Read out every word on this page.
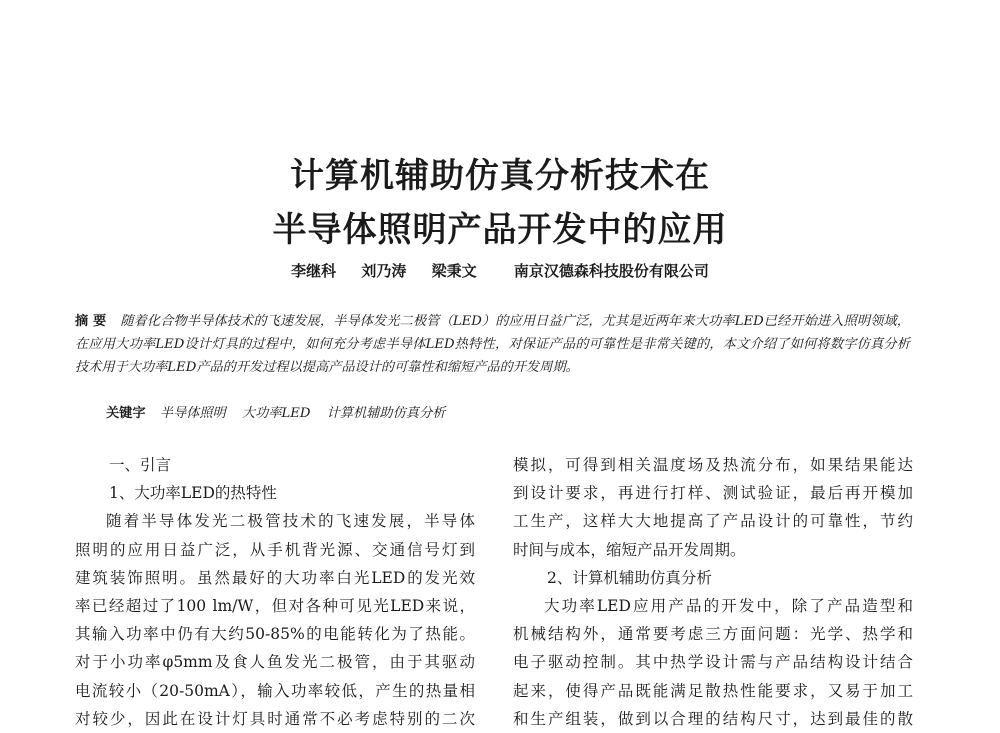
计算机辅助仿真分析技术在
半导体照明产品开发中的应用
李继科 刘乃涛 梁秉文 南京汉德森科技股份有限公司
摘 要 随着化合物半导体技术的飞速发展，半导体发光二极管（LED）的应用日益广泛，尤其是近两年来大功率LED已经开始进入照明领域，在应用大功率LED设计灯具的过程中，如何充分考虑半导体LED热特性，对保证产品的可靠性是非常关键的，本文介绍了如何将数字仿真分析技术用于大功率LED产品的开发过程以提高产品设计的可靠性和缩短产品的开发周期。
关键字 半导体照明 大功率LED 计算机辅助仿真分析

一、引言

1、大功率LED的热特性

随着半导体发光二极管技术的飞速发展，半导体

照明的应用日益广泛，从手机背光源、交通信号灯到

建筑装饰照明。虽然最好的大功率白光LED的发光效

率已经超过了100 lm/W，但对各种可见光LED来说，

其输入功率中仍有大约50-85%的电能转化为了热能。

对于小功率φ5mm及食人鱼发光二极管，由于其驱动

电流较小（20-50mA），输入功率较低，产生的热量相

对较少，因此在设计灯具时通常不必考虑特别的二次

模拟，可得到相关温度场及热流分布，如果结果能达

到设计要求，再进行打样、测试验证，最后再开模加

工生产，这样大大地提高了产品设计的可靠性，节约

时间与成本，缩短产品开发周期。

2、计算机辅助仿真分析

大功率LED应用产品的开发中，除了产品造型和

机械结构外，通常要考虑三方面问题：光学、热学和

电子驱动控制。其中热学设计需与产品结构设计结合

起来，使得产品既能满足散热性能要求，又易于加工

和生产组装，做到以合理的结构尺寸，达到最佳的散
